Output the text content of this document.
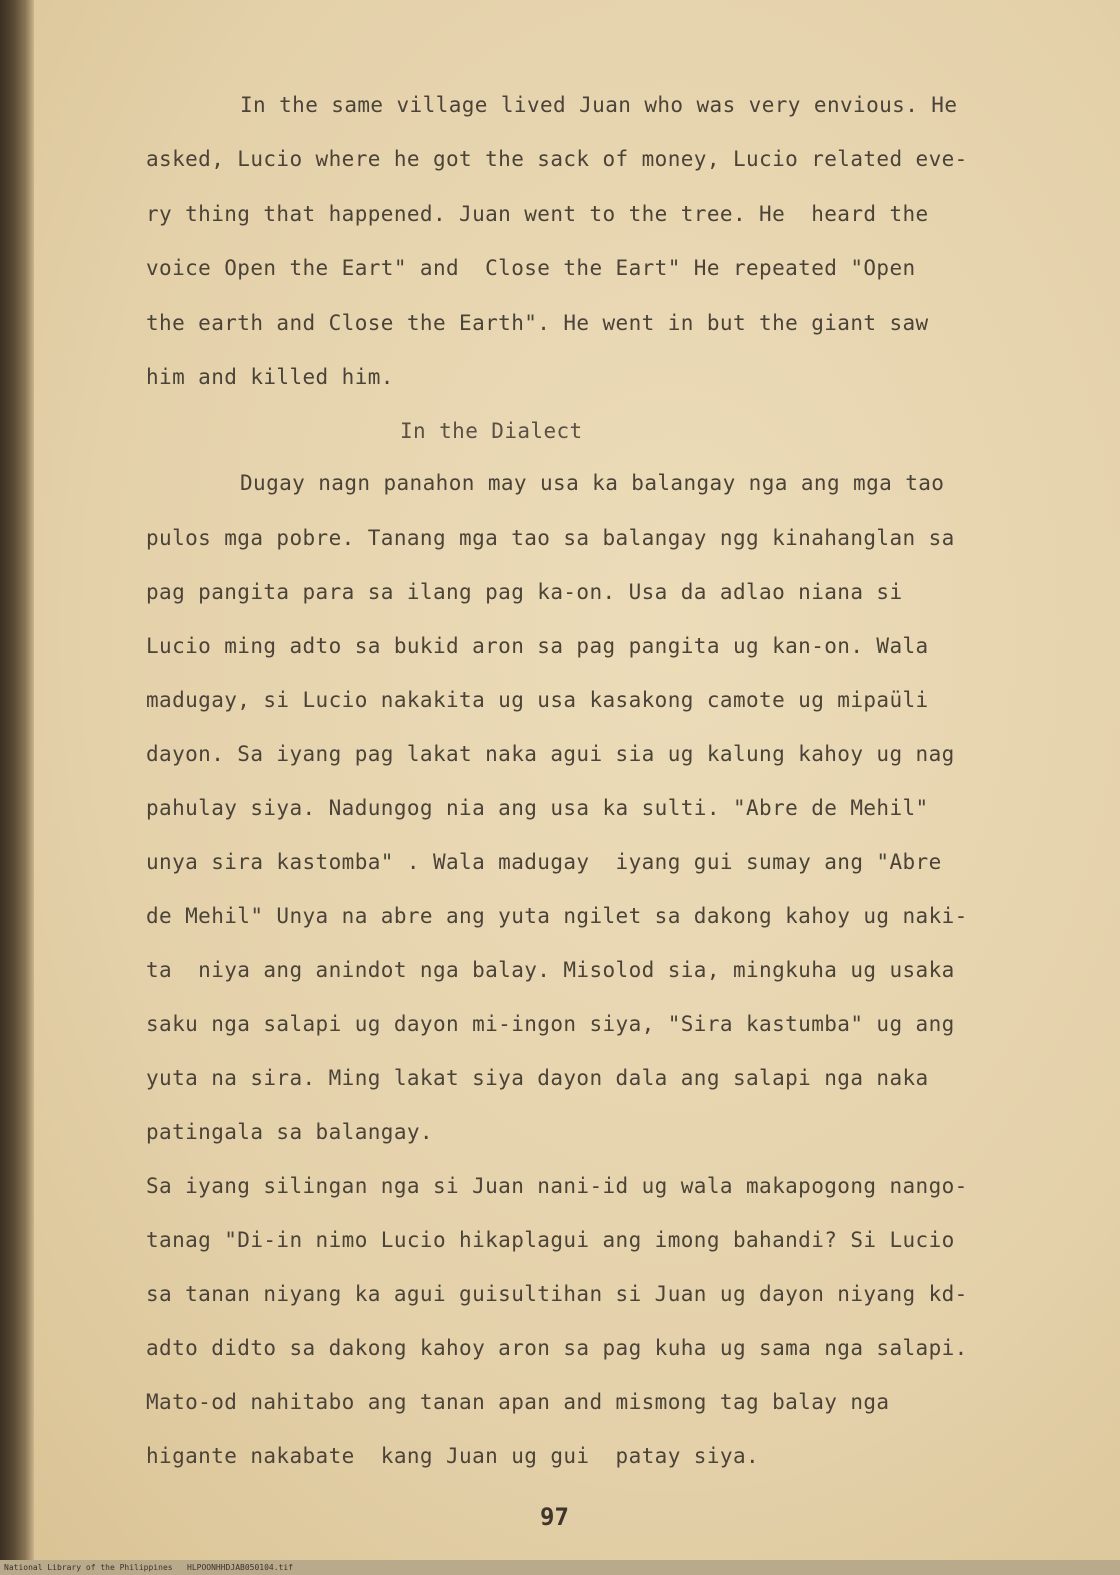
In the same village lived Juan who was very envious. He
asked, Lucio where he got the sack of money, Lucio related eve-
ry thing that happened. Juan went to the tree. He  heard the
voice Open the Eart" and  Close the Eart" He repeated "Open
the earth and Close the Earth". He went in but the giant saw
him and killed him.
In the Dialect
Dugay nagn panahon may usa ka balangay nga ang mga tao
pulos mga pobre. Tanang mga tao sa balangay ngg kinahanglan sa
pag pangita para sa ilang pag ka-on. Usa da adlao niana si
Lucio ming adto sa bukid aron sa pag pangita ug kan-on. Wala
madugay, si Lucio nakakita ug usa kasakong camote ug mipaüli
dayon. Sa iyang pag lakat naka agui sia ug kalung kahoy ug nag
pahulay siya. Nadungog nia ang usa ka sulti. "Abre de Mehil"
unya sira kastomba" . Wala madugay  iyang gui sumay ang "Abre
de Mehil" Unya na abre ang yuta ngilet sa dakong kahoy ug naki-
ta  niya ang anindot nga balay. Misolod sia, mingkuha ug usaka
saku nga salapi ug dayon mi-ingon siya, "Sira kastumba" ug ang
yuta na sira. Ming lakat siya dayon dala ang salapi nga naka
patingala sa balangay.
Sa iyang silingan nga si Juan nani-id ug wala makapogong nango-
tanag "Di-in nimo Lucio hikaplagui ang imong bahandi? Si Lucio
sa tanan niyang ka agui guisultihan si Juan ug dayon niyang kd-
adto didto sa dakong kahoy aron sa pag kuha ug sama nga salapi.
Mato-od nahitabo ang tanan apan and mismong tag balay nga
higante nakabate  kang Juan ug gui  patay siya.
97
National Library of the Philippines   HLPOONHHDJAB050104.tif
